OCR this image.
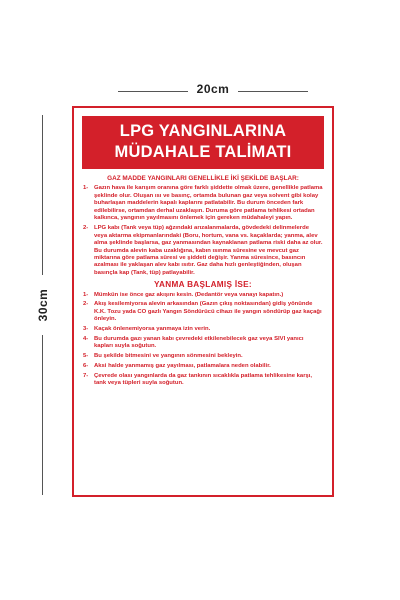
20cm
30cm
LPG YANGINLARINA
MÜDAHALE TALİMATI
GAZ MADDE YANGINLARI GENELLİKLE İKİ ŞEKİLDE BAŞLAR:
1- Gazın hava ile karışım oranına göre farklı şiddette olmak üzere, genellikle patlama şeklinde olur. Oluşan ısı ve basınç, ortamda bulunan gaz veya solvent gibi kolay buharlaşan maddelerin kapalı kaplarını patlatabilir. Bu durum önceden fark edilebilirse, ortamdan derhal uzaklaşın. Duruma göre patlama tehlikesi ortadan kalkınca, yangının yayılmasını önlemek için gereken müdahaleyi yapın.
2- LPG kabı (Tank veya tüp) ağzındaki arızalanmalarda, gövdedeki delinmelerde veya aktarma ekipmanlarındaki (Boru, hortum, vana vs. kaçaklarda; yanma, alev alma şeklinde başlarsa, gaz yanmasından kaynaklanan patlama riski daha az olur. Bu durumda alevin kaba uzaklığına, kabın ısınma süresine ve mevcut gaz miktarına göre patlama süresi ve şiddeti değişir. Yanma süresince, basıncın azalması ile yaklaşan alev kabı ısıtır. Gaz daha hızlı genleştiğinden, oluşan basınçla kap (Tank, tüp) patlayabilir.
YANMA BAŞLAMIŞ İSE:
1- Mümkün ise önce gaz akışını kesin. (Dedantör veya vanayı kapatın.)
2- Akış kesilemiyorsa alevin arkasından (Gazın çıkış noktasından) gidiş yönünde K.K. Tozu yada CO gazlı Yangın Söndürücü cihazı ile yangın söndürüp gaz kaçağı önleyin.
3- Kaçak önlenemiyorsa yanmaya izin verin.
4- Bu durumda gazı yanan kabı çevredeki etkilenebilecek gaz veya SIVI yanıcı kapları suyla soğutun.
5- Bu şekilde bitmesini ve yangının sönmesini bekleyin.
6- Aksi halde yanmamış gaz yayılması, patlamalara neden olabilir.
7- Çevrede olası yangınlarda da gaz tankının sıcaklıkla patlama tehlikesine karşı, tank veya tüpleri suyla soğutun.
